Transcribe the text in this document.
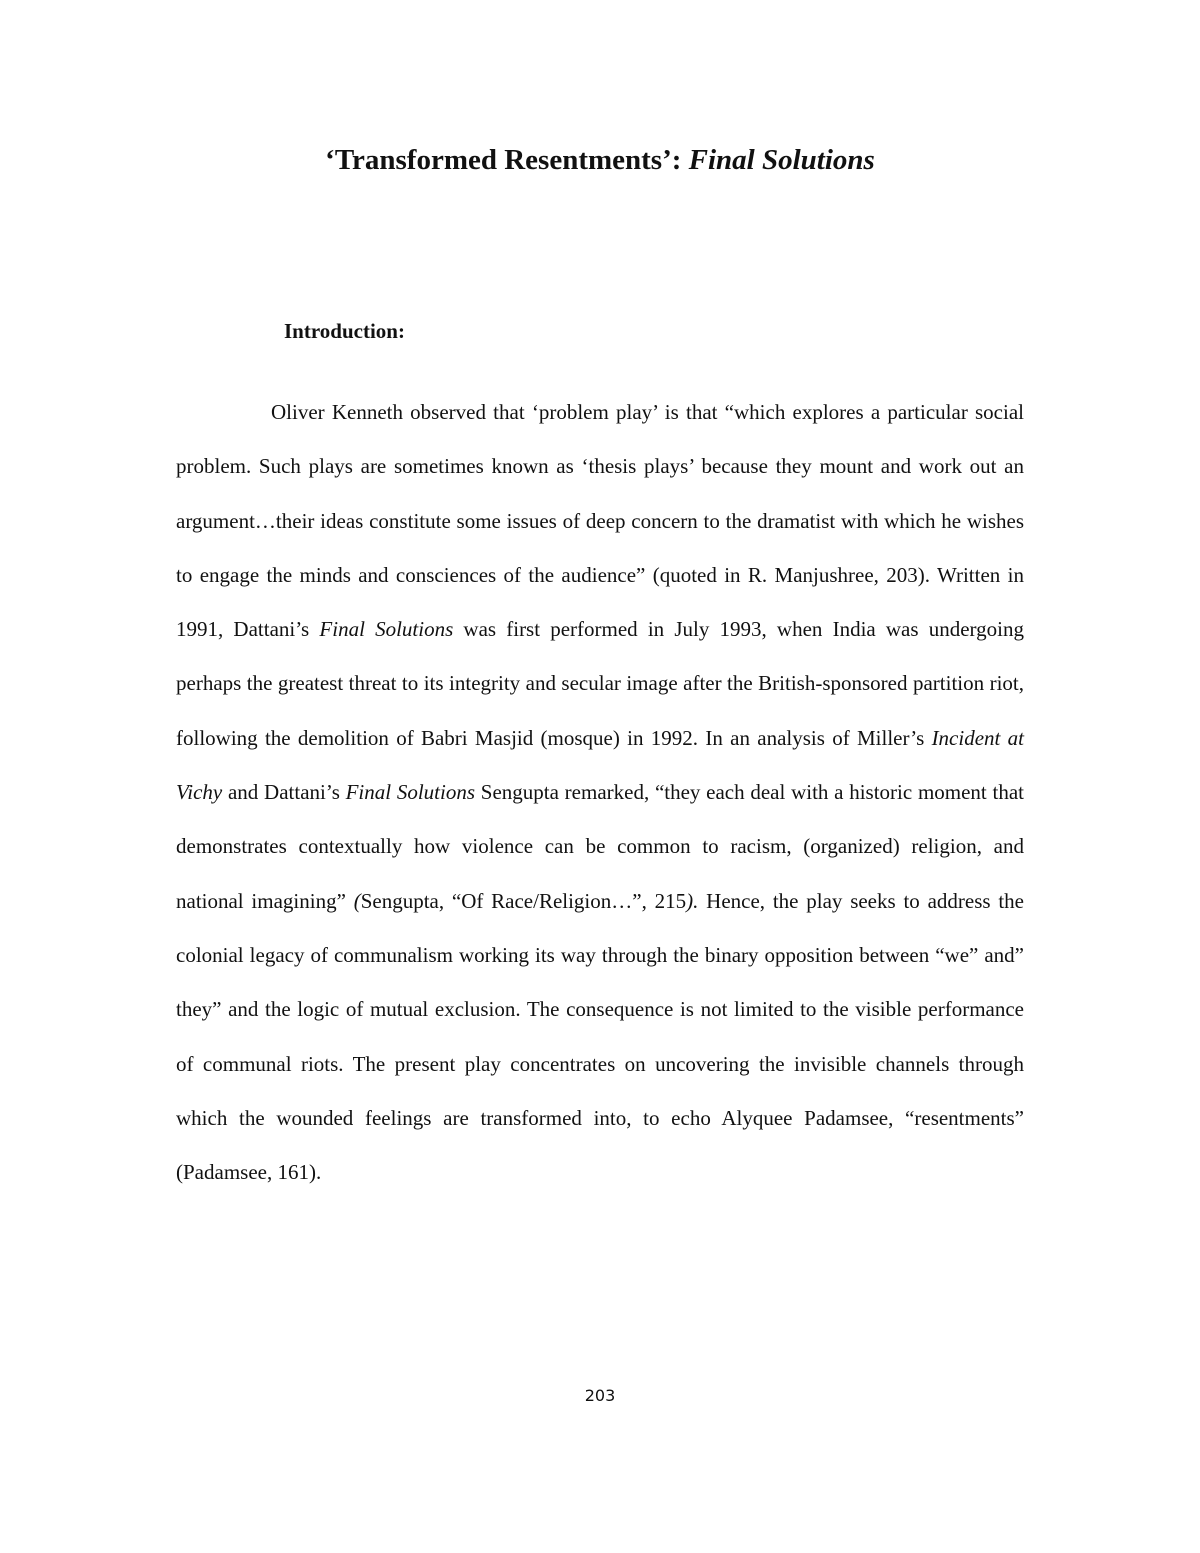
‘Transformed Resentments’: Final Solutions
Introduction:

Oliver Kenneth observed that ‘problem play’ is that “which explores a particular social problem. Such plays are sometimes known as ‘thesis plays’ because they mount and work out an argument…their ideas constitute some issues of deep concern to the dramatist with which he wishes to engage the minds and consciences of the audience” (quoted in R. Manjushree, 203). Written in 1991, Dattani’s Final Solutions was first performed in July 1993, when India was undergoing perhaps the greatest threat to its integrity and secular image after the British-sponsored partition riot, following the demolition of Babri Masjid (mosque) in 1992. In an analysis of Miller’s Incident at Vichy and Dattani’s Final Solutions Sengupta remarked, “they each deal with a historic moment that demonstrates contextually how violence can be common to racism, (organized) religion, and national imagining” (Sengupta, “Of Race/Religion…”, 215). Hence, the play seeks to address the colonial legacy of communalism working its way through the binary opposition between “we” and” they” and the logic of mutual exclusion. The consequence is not limited to the visible performance of communal riots. The present play concentrates on uncovering the invisible channels through which the wounded feelings are transformed into, to echo Alyquee Padamsee, “resentments” (Padamsee, 161).

203
